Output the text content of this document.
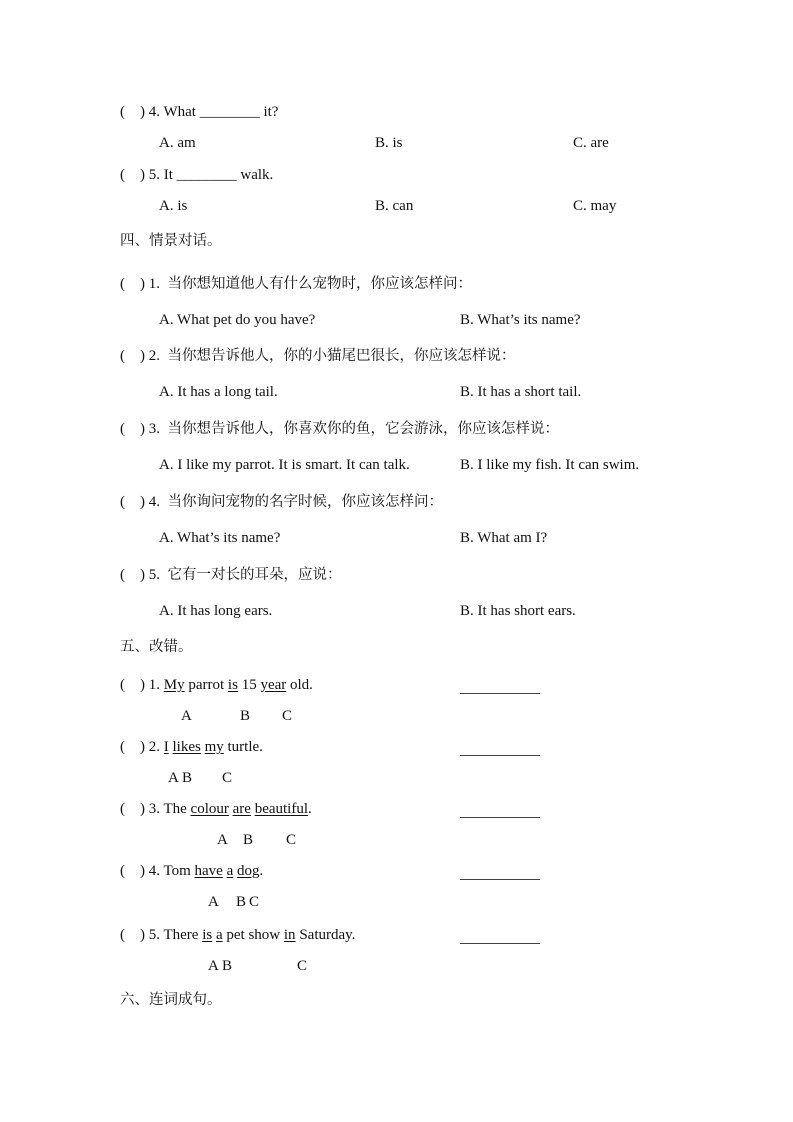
(    ) 4. What ________ it?
A. am	B. is	C. are
(    ) 5. It ________ walk.
A. is	B. can	C. may
四、情景对话。
(    ) 1. 当你想知道他人有什么宠物时，你应该怎样问：
A. What pet do you have?	B. What’s its name?
(    ) 2. 当你想告诉他人，你的小猫尾巴很长，你应该怎样说：
A. It has a long tail.	B. It has a short tail.
(    ) 3. 当你想告诉他人，你喜欢你的鱼，它会游泳，你应该怎样说：
A. I like my parrot. It is smart. It can talk.	B. I like my fish. It can swim.
(    ) 4. 当你询问宠物的名字时候，你应该怎样问：
A. What’s its name?	B. What am I?
(    ) 5. 它有一对长的耳朵，应说：
A. It has long ears.	B. It has short ears.
五、改错。
(    ) 1. My parrot is 15 year old.
A	B C
(    ) 2. I likes my turtle.
A B C
(    ) 3. The colour are beautiful.
A B C
(    ) 4. Tom have a dog.
A B C
(    ) 5. There is a pet show in Saturday.
A B	C
六、连词成句。
